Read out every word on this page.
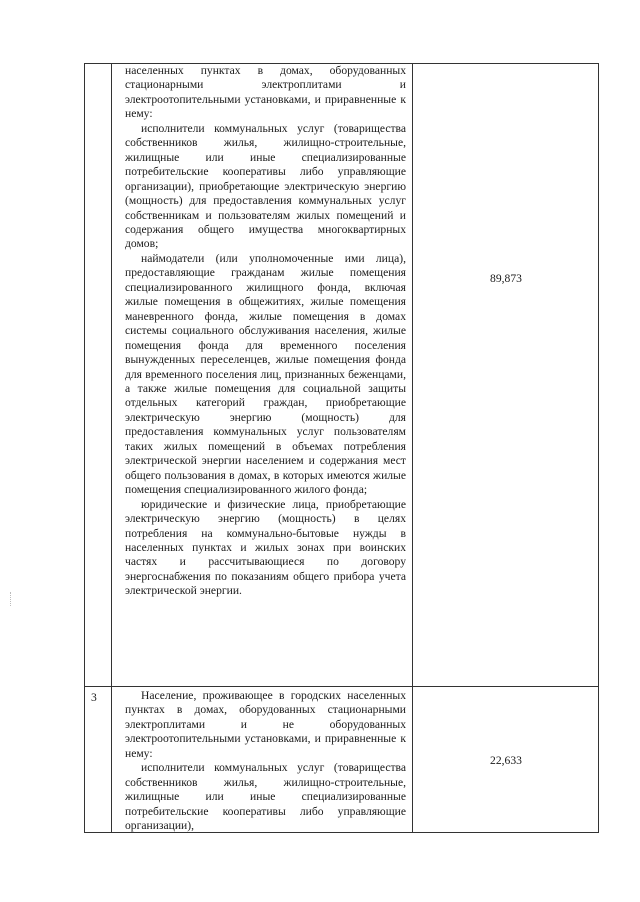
населенных пунктах в домах, оборудованных стационарными электроплитами и электроотопительными установками, и приравненные к нему:

исполнители коммунальных услуг (товарищества собственников жилья, жилищно-строительные, жилищные или иные специализированные потребительские кооперативы либо управляющие организации), приобретающие электрическую энергию (мощность) для предоставления коммунальных услуг собственникам и пользователям жилых помещений и содержания общего имущества многоквартирных домов;

наймодатели (или уполномоченные ими лица), предоставляющие гражданам жилые помещения специализированного жилищного фонда, включая жилые помещения в общежитиях, жилые помещения маневренного фонда, жилые помещения в домах системы социального обслуживания населения, жилые помещения фонда для временного поселения вынужденных переселенцев, жилые помещения фонда для временного поселения лиц, признанных беженцами, а также жилые помещения для социальной защиты отдельных категорий граждан, приобретающие электрическую энергию (мощность) для предоставления коммунальных услуг пользователям таких жилых помещений в объемах потребления электрической энергии населением и содержания мест общего пользования в домах, в которых имеются жилые помещения специализированного жилого фонда;

юридические и физические лица, приобретающие электрическую энергию (мощность) в целях потребления на коммунально-бытовые нужды в населенных пунктах и жилых зонах при воинских частях и рассчитывающиеся по договору энергоснабжения по показаниям общего прибора учета электрической энергии.

89,873
3	Население, проживающее в городских населенных пунктах в домах, оборудованных стационарными электроплитами и не оборудованных электроотопительными установками, и приравненные к нему:

исполнители коммунальных услуг (товарищества собственников жилья, жилищно-строительные, жилищные или иные специализированные потребительские кооперативы либо управляющие организации),

22,633
